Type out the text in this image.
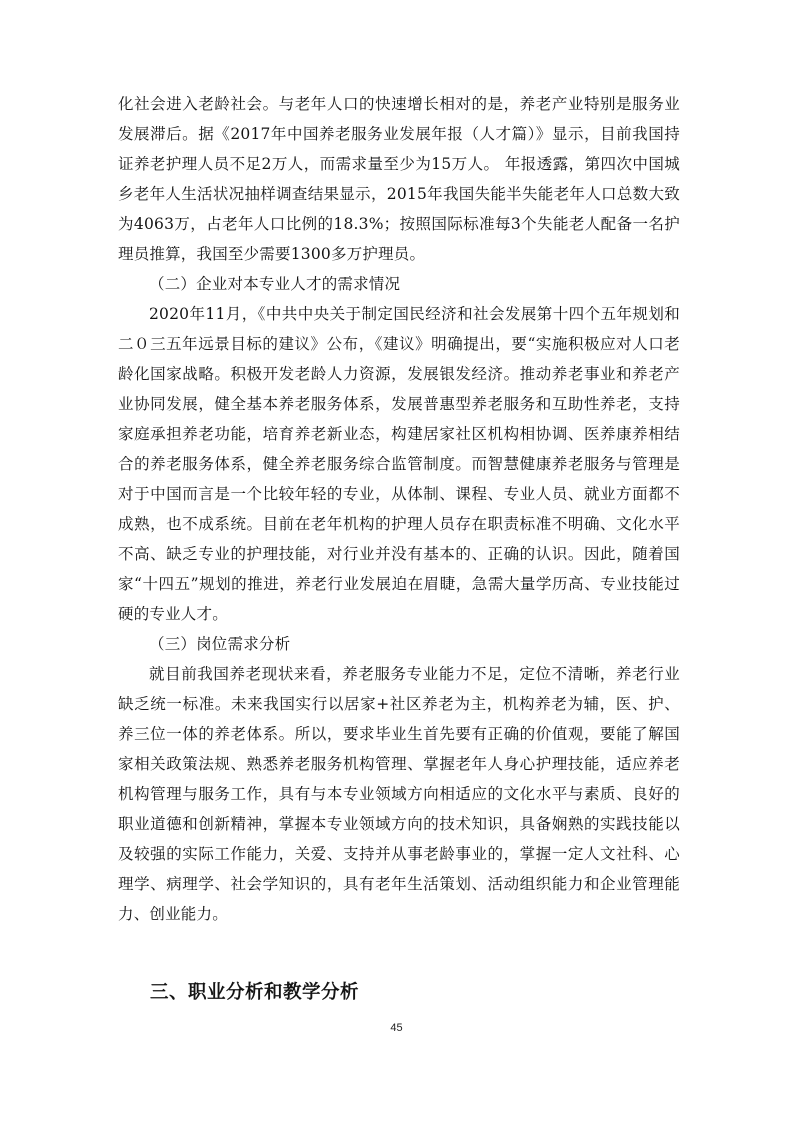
化社会进入老龄社会。与老年人口的快速增长相对的是，养老产业特别是服务业发展滞后。据《2017年中国养老服务业发展年报（人才篇）》显示，目前我国持证养老护理人员不足2万人，而需求量至少为15万人。 年报透露，第四次中国城乡老年人生活状况抽样调查结果显示，2015年我国失能半失能老年人口总数大致为4063万，占老年人口比例的18.3%；按照国际标准每3个失能老人配备一名护理员推算，我国至少需要1300多万护理员。

（二）企业对本专业人才的需求情况

2020年11月，《中共中央关于制定国民经济和社会发展第十四个五年规划和二０三五年远景目标的建议》公布，《建议》明确提出，要“实施积极应对人口老龄化国家战略。积极开发老龄人力资源，发展银发经济。推动养老事业和养老产业协同发展，健全基本养老服务体系，发展普惠型养老服务和互助性养老，支持家庭承担养老功能，培育养老新业态，构建居家社区机构相协调、医养康养相结合的养老服务体系，健全养老服务综合监管制度。而智慧健康养老服务与管理是对于中国而言是一个比较年轻的专业，从体制、课程、专业人员、就业方面都不成熟，也不成系统。目前在老年机构的护理人员存在职责标准不明确、文化水平不高、缺乏专业的护理技能，对行业并没有基本的、正确的认识。因此，随着国家“十四五”规划的推进，养老行业发展迫在眉睫，急需大量学历高、专业技能过硬的专业人才。

（三）岗位需求分析

就目前我国养老现状来看，养老服务专业能力不足，定位不清晰，养老行业缺乏统一标准。未来我国实行以居家+社区养老为主，机构养老为辅，医、护、养三位一体的养老体系。所以，要求毕业生首先要有正确的价值观，要能了解国家相关政策法规、熟悉养老服务机构管理、掌握老年人身心护理技能，适应养老机构管理与服务工作，具有与本专业领域方向相适应的文化水平与素质、良好的职业道德和创新精神，掌握本专业领域方向的技术知识，具备娴熟的实践技能以及较强的实际工作能力，关爱、支持并从事老龄事业的，掌握一定人文社科、心理学、病理学、社会学知识的，具有老年生活策划、活动组织能力和企业管理能力、创业能力。

三、职业分析和教学分析
45
